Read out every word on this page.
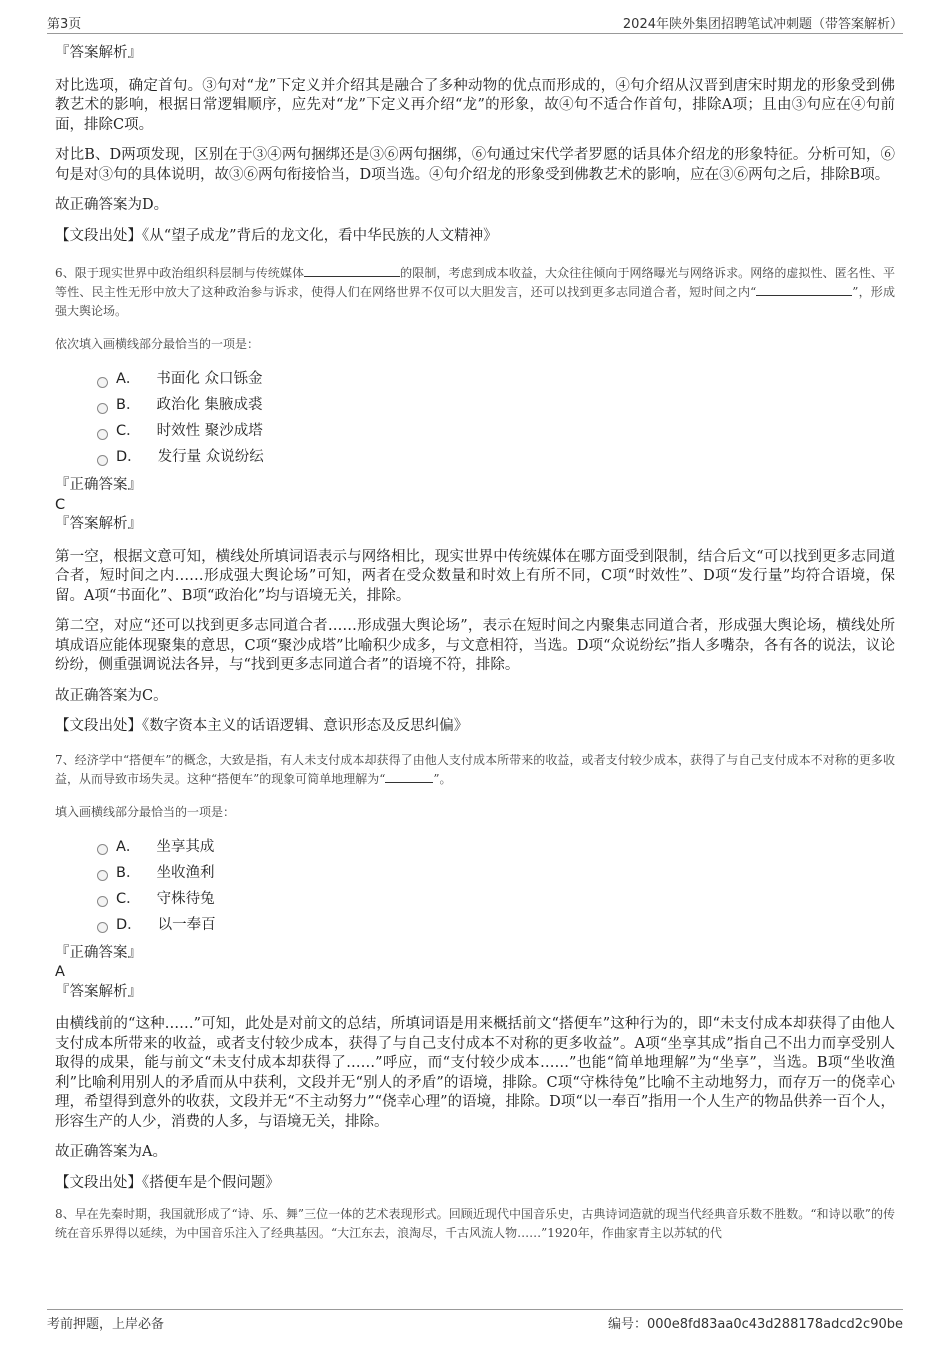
第3页	2024年陕外集团招聘笔试冲刺题（带答案解析）
『答案解析』

对比选项，确定首句。③句对“龙”下定义并介绍其是融合了多种动物的优点而形成的，④句介绍从汉晋到唐宋时期龙的形象受到佛教艺术的影响，根据日常逻辑顺序，应先对“龙”下定义再介绍“龙”的形象，故④句不适合作首句，排除A项；且由③句应在④句前面，排除C项。

对比B、D两项发现，区别在于③④两句捆绑还是③⑥两句捆绑，⑥句通过宋代学者罗愿的话具体介绍龙的形象特征。分析可知，⑥句是对③句的具体说明，故③⑥两句衔接恰当，D项当选。④句介绍龙的形象受到佛教艺术的影响，应在③⑥两句之后，排除B项。

故正确答案为D。

【文段出处】《从“望子成龙”背后的龙文化，看中华民族的人文精神》

6、限于现实世界中政治组织科层制与传统媒体	的限制，考虑到成本收益，大众往往倾向于网络曝光与网络诉求。网络的虚拟性、匿名性、平等性、民主性无形中放大了这种政治参与诉求，使得人们在网络世界不仅可以大胆发言，还可以找到更多志同道合者，短时间之内“	”，形成强大舆论场。

依次填入画横线部分最恰当的一项是：

A． 书面化 众口铄金
B． 政治化 集腋成裘
C． 时效性 聚沙成塔
D． 发行量 众说纷纭
『正确答案』
C
『答案解析』

第一空，根据文意可知，横线处所填词语表示与网络相比，现实世界中传统媒体在哪方面受到限制，结合后文“可以找到更多志同道合者，短时间之内……形成强大舆论场”可知，两者在受众数量和时效上有所不同，C项“时效性”、D项“发行量”均符合语境，保留。A项“书面化”、B项“政治化”均与语境无关，排除。

第二空，对应“还可以找到更多志同道合者……形成强大舆论场”，表示在短时间之内聚集志同道合者，形成强大舆论场，横线处所填成语应能体现聚集的意思，C项“聚沙成塔”比喻积少成多，与文意相符，当选。D项“众说纷纭”指人多嘴杂，各有各的说法，议论纷纷，侧重强调说法各异，与“找到更多志同道合者”的语境不符，排除。

故正确答案为C。

【文段出处】《数字资本主义的话语逻辑、意识形态及反思纠偏》

7、经济学中“搭便车”的概念，大致是指，有人未支付成本却获得了由他人支付成本所带来的收益，或者支付较少成本，获得了与自己支付成本不对称的更多收益，从而导致市场失灵。这种“搭便车”的现象可简单地理解为“	”。

填入画横线部分最恰当的一项是：

A． 坐享其成
B． 坐收渔利
C． 守株待兔
D． 以一奉百
『正确答案』
A
『答案解析』

由横线前的“这种……”可知，此处是对前文的总结，所填词语是用来概括前文“搭便车”这种行为的，即“未支付成本却获得了由他人支付成本所带来的收益，或者支付较少成本，获得了与自己支付成本不对称的更多收益”。A项“坐享其成”指自己不出力而享受别人取得的成果，能与前文“未支付成本却获得了……”呼应，而“支付较少成本……”也能“简单地理解”为“坐享”，当选。B项“坐收渔利”比喻利用别人的矛盾而从中获利，文段并无“别人的矛盾”的语境，排除。C项“守株待兔”比喻不主动地努力，而存万一的侥幸心理，希望得到意外的收获，文段并无“不主动努力”“侥幸心理”的语境，排除。D项“以一奉百”指用一个人生产的物品供养一百个人，形容生产的人少，消费的人多，与语境无关，排除。

故正确答案为A。

【文段出处】《搭便车是个假问题》

8、早在先秦时期，我国就形成了“诗、乐、舞”三位一体的艺术表现形式。回顾近现代中国音乐史，古典诗词造就的现当代经典音乐数不胜数。“和诗以歌”的传统在音乐界得以延续，为中国音乐注入了经典基因。“大江东去，浪淘尽，千古风流人物……”1920年，作曲家青主以苏轼的代

考前押题，上岸必备	编号：000e8fd83aa0c43d288178adcd2c90be
